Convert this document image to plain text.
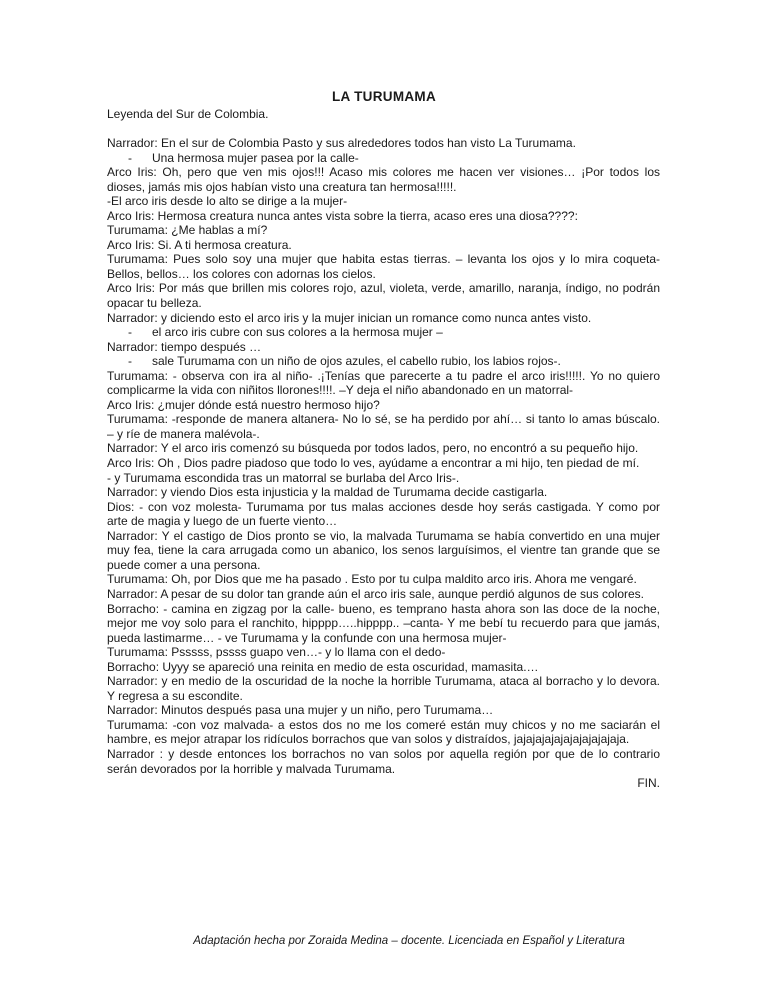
LA TURUMAMA
Leyenda del Sur de Colombia.

Narrador: En el sur de Colombia Pasto y sus alrededores todos han visto La Turumama.

- Una hermosa mujer pasea por la calle-

Arco Iris: Oh, pero que ven mis ojos!!! Acaso mis colores me hacen ver visiones… ¡Por todos los dioses, jamás mis ojos habían visto una creatura tan hermosa!!!!!.

-El arco iris desde lo alto se dirige a la mujer-

Arco Iris: Hermosa creatura nunca antes vista sobre la tierra, acaso eres una diosa????:

Turumama: ¿Me hablas a mí?

Arco Iris: Si. A ti hermosa creatura.

Turumama: Pues solo soy una mujer que habita estas tierras. – levanta los ojos y lo mira coqueta- Bellos, bellos… los colores con adornas los cielos.

Arco Iris: Por más que brillen mis colores rojo, azul, violeta, verde, amarillo, naranja, índigo, no podrán opacar tu belleza.

Narrador: y diciendo esto el arco iris y la mujer inician un romance como nunca antes visto.

- el arco iris cubre con sus colores a la hermosa mujer –

Narrador: tiempo después …

- sale Turumama con un niño de ojos azules, el cabello rubio, los labios rojos-.

Turumama: - observa con ira al niño- .¡Tenías que parecerte a tu padre el arco iris!!!!!. Yo no quiero complicarme la vida con niñitos llorones!!!!. –Y deja el niño abandonado en un matorral-

Arco Iris: ¿mujer dónde está nuestro hermoso hijo?

Turumama: -responde de manera altanera- No lo sé, se ha perdido por ahí… si tanto lo amas búscalo. – y ríe de manera malévola-.

Narrador: Y el arco iris comenzó su búsqueda por todos lados, pero, no encontró a su pequeño hijo.

Arco Iris: Oh , Dios padre piadoso que todo lo ves, ayúdame a encontrar a mi hijo, ten piedad de mí.

- y Turumama escondida tras un matorral se burlaba del Arco Iris-.

Narrador: y viendo Dios esta injusticia y la maldad de Turumama decide castigarla.

Dios: - con voz molesta- Turumama por tus malas acciones desde hoy serás castigada. Y como por arte de magia y luego de un fuerte viento…

Narrador: Y el castigo de Dios pronto se vio, la malvada Turumama se había convertido en una mujer muy fea, tiene la cara arrugada como un abanico, los senos larguísimos, el vientre tan grande que se puede comer a una persona.

Turumama: Oh, por Dios que me ha pasado . Esto por tu culpa maldito arco iris. Ahora me vengaré.

Narrador: A pesar de su dolor tan grande aún el arco iris sale, aunque perdió algunos de sus colores.

Borracho: - camina en zigzag por la calle- bueno, es temprano hasta ahora son las doce de la noche, mejor me voy solo para el ranchito, hipppp…..hipppp.. –canta- Y me bebí tu recuerdo para que jamás, pueda lastimarme… - ve Turumama y la confunde con una hermosa mujer-

Turumama: Psssss, pssss guapo ven…- y lo llama con el dedo-

Borracho: Uyyy se apareció una reinita en medio de esta oscuridad, mamasita.…

Narrador: y en medio de la oscuridad de la noche la horrible Turumama, ataca al borracho y lo devora. Y regresa a su escondite.

Narrador: Minutos después pasa una mujer y un niño, pero Turumama…

Turumama: -con voz malvada- a estos dos no me los comeré están muy chicos y no me saciarán el hambre, es mejor atrapar los ridículos borrachos que van solos y distraídos, jajajajajajajajajajajaja.

Narrador : y desde entonces los borrachos no van solos por aquella región por que de lo contrario serán devorados por la horrible y malvada Turumama.

FIN.

Adaptación hecha por Zoraida Medina – docente. Licenciada en Español y Literatura
